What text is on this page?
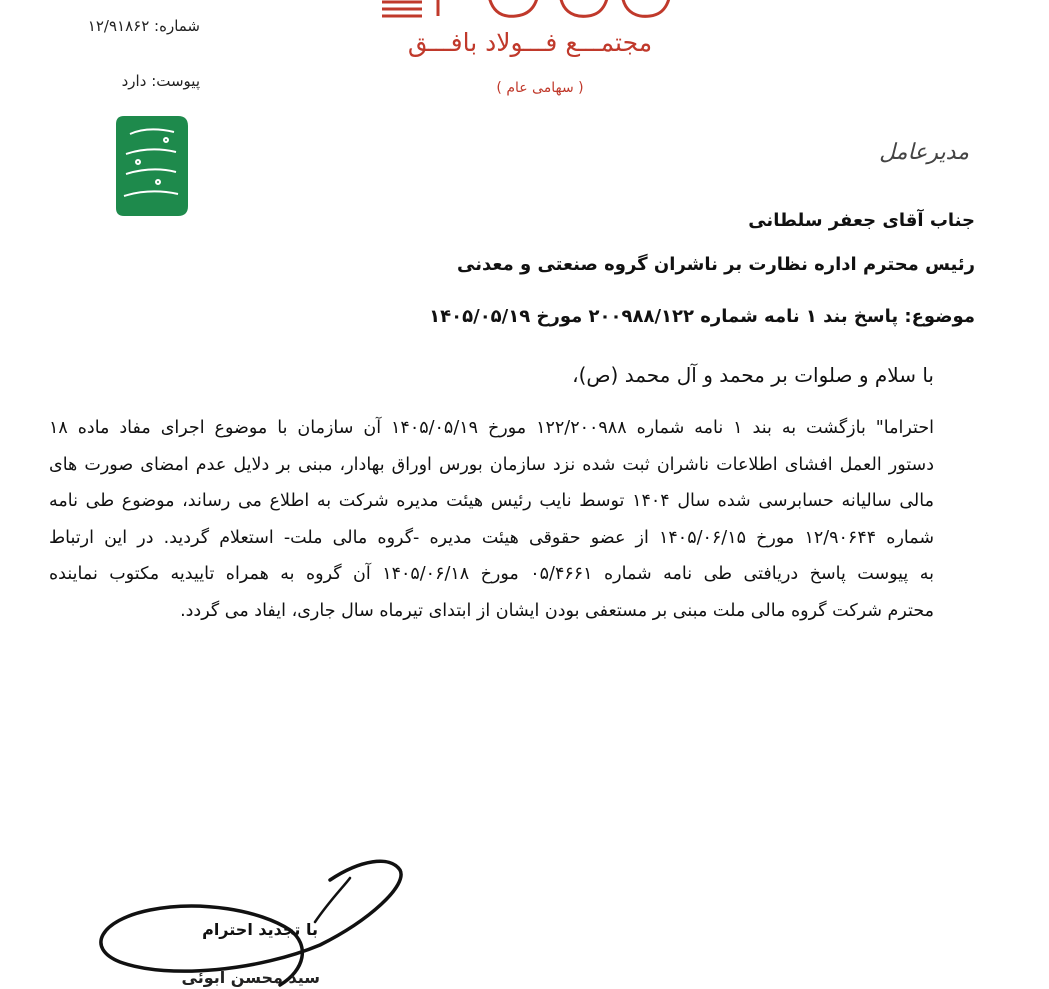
مجتمـــع فـــولاد بافـــق
( سهامی عام )
شماره: ۱۲/۹۱۸۶۲
پیوست: دارد
مدیرعامل
جناب آقای جعفر سلطانی
رئیس محترم اداره نظارت بر ناشران گروه صنعتی و معدنی
موضوع: پاسخ بند ۱ نامه شماره ۲۰۰۹۸۸/۱۲۲ مورخ ۱۴۰۵/۰۵/۱۹
با سلام و صلوات بر محمد و آل محمد (ص)،
احتراما" بازگشت به بند ۱ نامه شماره ۱۲۲/۲۰۰۹۸۸ مورخ ۱۴۰۵/۰۵/۱۹ آن سازمان با موضوع اجرای مفاد ماده ۱۸
دستور العمل افشای اطلاعات ناشران ثبت شده نزد سازمان بورس اوراق بهادار، مبنی بر دلایل عدم امضای صورت های
مالی سالیانه حسابرسی شده سال ۱۴۰۴ توسط نایب رئیس هیئت مدیره شرکت به اطلاع می رساند، موضوع طی نامه
شماره ۱۲/۹۰۶۴۴ مورخ ۱۴۰۵/۰۶/۱۵ از عضو حقوقی هیئت مدیره -گروه مالی ملت- استعلام گردید. در این ارتباط
به پیوست پاسخ دریافتی طی نامه شماره ۰۵/۴۶۶۱ مورخ ۱۴۰۵/۰۶/۱۸ آن گروه به همراه تاییدیه مکتوب نماینده
محترم شرکت گروه مالی ملت مبنی بر مستعفی بودن ایشان از ابتدای تیرماه سال جاری، ایفاد می گردد.
با تجدید احترام
سید محسن ابوئی
